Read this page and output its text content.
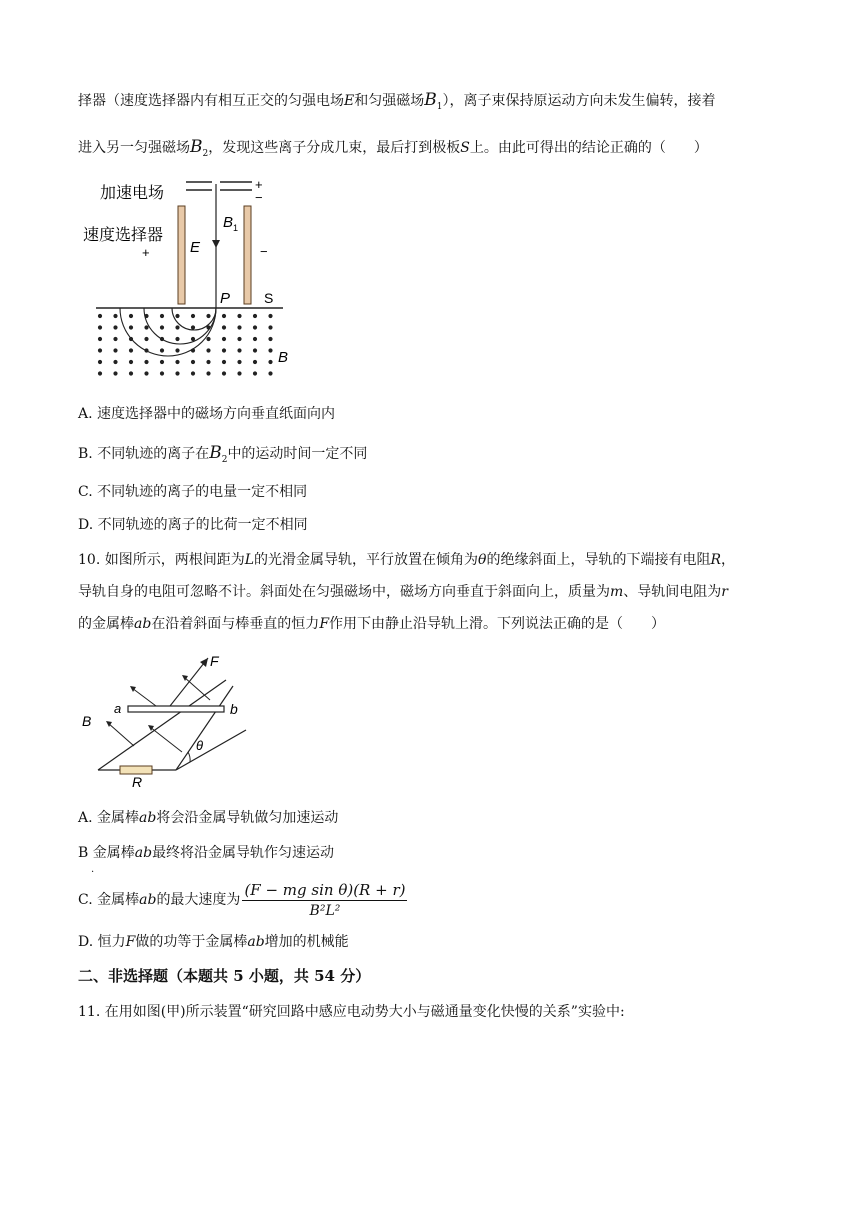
择器（速度选择器内有相互正交的匀强电场E和匀强磁场$B_1$），离子束保持原运动方向未发生偏转，接着
进入另一匀强磁场$B_2$，发现这些离子分成几束，最后打到极板S上。由此可得出的结论正确的（　　）
加速电场
+
−
速度选择器
+	−
E
B 1
P S
B
A. 速度选择器中的磁场方向垂直纸面向内
B. 不同轨迹的离子在$B_2$中的运动时间一定不同
C. 不同轨迹的离子的电量一定不相同
D. 不同轨迹的离子的比荷一定不相同
10. 如图所示，两根间距为L的光滑金属导轨，平行放置在倾角为θ的绝缘斜面上，导轨的下端接有电阻R，
导轨自身的电阻可忽略不计。斜面处在匀强磁场中，磁场方向垂直于斜面向上，质量为m、导轨间电阻为r
的金属棒ab在沿着斜面与棒垂直的恒力F作用下由静止沿导轨上滑。下列说法正确的是（　　）
R
a	b
F
B
θ
A. 金属棒ab将会沿金属导轨做匀加速运动
B 金属棒ab最终将沿金属导轨作匀速运动
.
C. 金属棒ab的最大速度为 $\frac{\text{(F − mg sin θ)(R + r)}}{\text{B²L²}}$
D. 恒力F做的功等于金属棒ab增加的机械能
二、非选择题（本题共 5 小题，共 54 分）
11. 在用如图(甲)所示装置“研究回路中感应电动势大小与磁通量变化快慢的关系”实验中:
